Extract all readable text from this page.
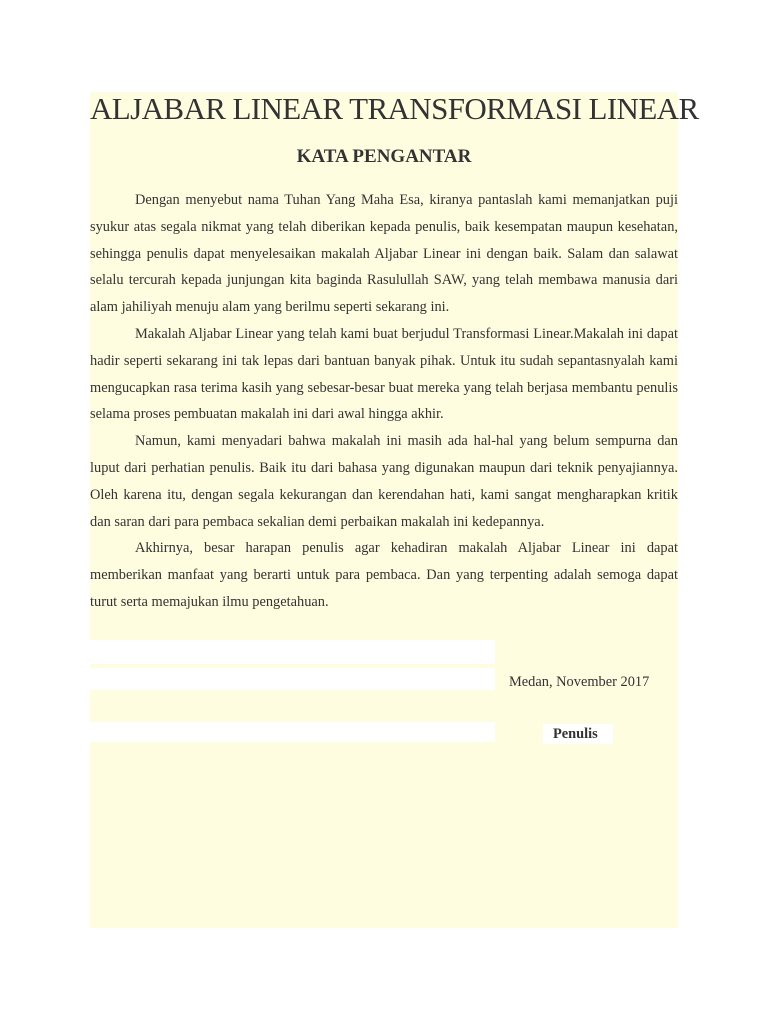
ALJABAR LINEAR TRANSFORMASI LINEAR
KATA PENGANTAR

Dengan menyebut nama Tuhan Yang Maha Esa, kiranya pantaslah kami memanjatkan puji syukur atas segala nikmat yang telah diberikan kepada penulis, baik kesempatan maupun kesehatan, sehingga penulis dapat menyelesaikan makalah Aljabar Linear ini dengan baik. Salam dan salawat selalu tercurah kepada junjungan kita baginda Rasulullah SAW, yang telah membawa manusia dari alam jahiliyah menuju alam yang berilmu seperti sekarang ini.

Makalah Aljabar Linear yang telah kami buat berjudul Transformasi Linear.Makalah ini dapat hadir seperti sekarang ini tak lepas dari bantuan banyak pihak. Untuk itu sudah sepantasnyalah kami mengucapkan rasa terima kasih yang sebesar-besar buat mereka yang telah berjasa membantu penulis selama proses pembuatan makalah ini dari awal hingga akhir.

Namun, kami menyadari bahwa makalah ini masih ada hal-hal yang belum sempurna dan luput dari perhatian penulis. Baik itu dari bahasa yang digunakan maupun dari teknik penyajiannya. Oleh karena itu, dengan segala kekurangan dan kerendahan hati, kami sangat mengharapkan kritik dan saran dari para pembaca sekalian demi perbaikan makalah ini kedepannya.

Akhirnya, besar harapan penulis agar kehadiran makalah Aljabar Linear ini dapat memberikan manfaat yang berarti untuk para pembaca. Dan yang terpenting adalah semoga dapat turut serta memajukan ilmu pengetahuan.

Medan, November 2017
Penulis
